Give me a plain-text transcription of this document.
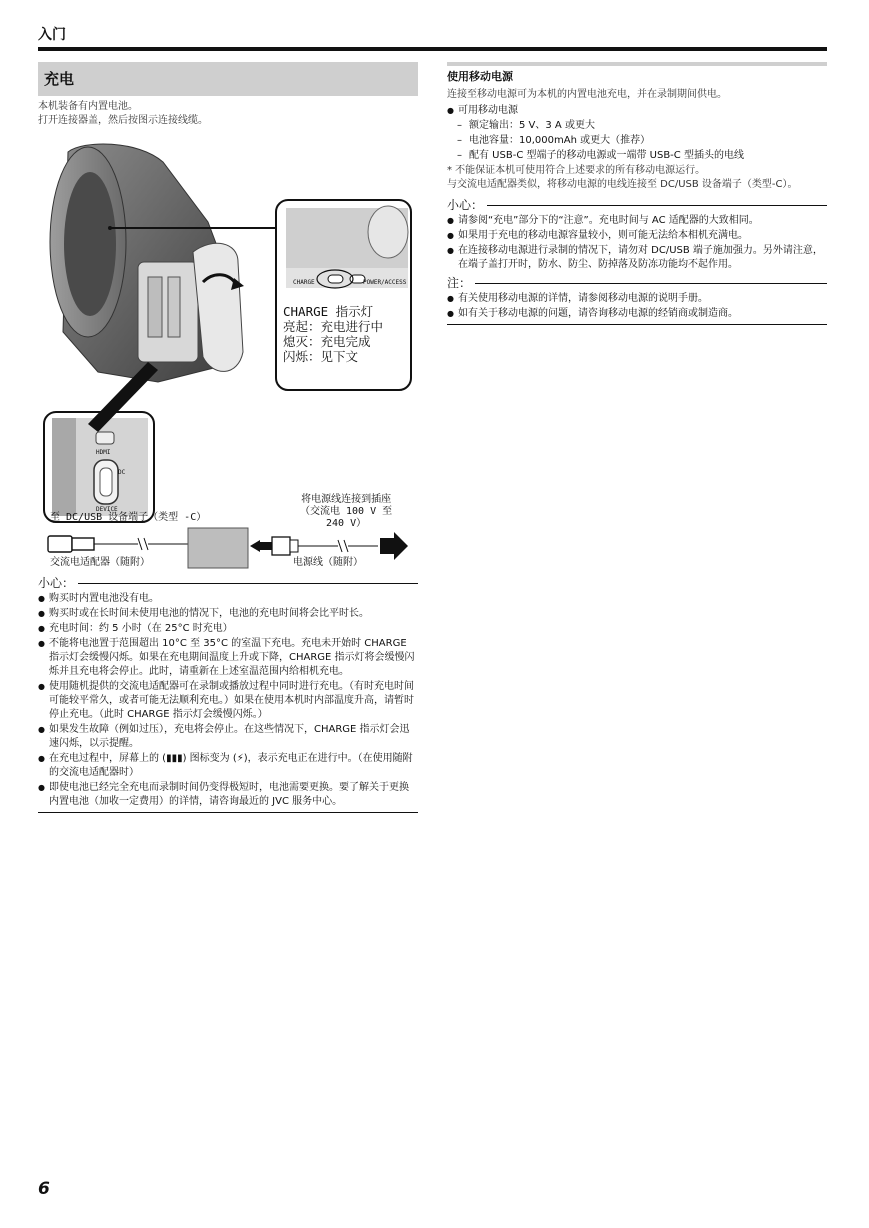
入门
充电

本机装备有内置电池。

打开连接器盖，然后按图示连接线缆。

CHARGE	POWER/ACCESS
HDMI
DC
DEVICE
CHARGE 指示灯
亮起：充电进行中
熄灭：充电完成
闪烁：见下文
至 DC/USB 设备端子（类型 -C）
将电源线连接到插座
（交流电 100 V 至
240 V）
交流电适配器（随附）	电源线（随附）
小心：
● 购买时内置电池没有电。
● 购买时或在长时间未使用电池的情况下，电池的充电时间将会比平时长。
● 充电时间：约 5 小时（在 25°C 时充电）
● 不能将电池置于范围超出 10°C 至 35°C 的室温下充电。充电未开始时 CHARGE 指示灯会缓慢闪烁。如果在充电期间温度上升或下降，CHARGE 指示灯将会缓慢闪烁并且充电将会停止。此时，请重新在上述室温范围内给相机充电。
● 使用随机提供的交流电适配器可在录制或播放过程中同时进行充电。（有时充电时间可能较平常久，或者可能无法顺利充电。）如果在使用本机时内部温度升高，请暂时停止充电。（此时 CHARGE 指示灯会缓慢闪烁。）
● 如果发生故障（例如过压），充电将会停止。在这些情况下，CHARGE 指示灯会迅速闪烁，以示提醒。
● 在充电过程中，屏幕上的 (▮▮▮) 图标变为 (⚡)，表示充电正在进行中。（在使用随附的交流电适配器时）
● 即使电池已经完全充电而录制时间仍变得极短时，电池需要更换。要了解关于更换内置电池（加收一定费用）的详情，请咨询最近的 JVC 服务中心。
使用移动电源

连接至移动电源可为本机的内置电池充电，并在录制期间供电。

● 可用移动电源
– 额定输出：5 V、3 A 或更大
– 电池容量：10,000mAh 或更大（推荐）
– 配有 USB-C 型端子的移动电源或一端带 USB-C 型插头的电线

* 不能保证本机可使用符合上述要求的所有移动电源运行。

与交流电适配器类似，将移动电源的电线连接至 DC/USB 设备端子（类型-C）。

小心：
● 请参阅“充电”部分下的“注意”。充电时间与 AC 适配器的大致相同。
● 如果用于充电的移动电源容量较小，则可能无法给本相机充满电。
● 在连接移动电源进行录制的情况下，请勿对 DC/USB 端子施加强力。另外请注意，在端子盖打开时，防水、防尘、防掉落及防冻功能均不起作用。
注：
● 有关使用移动电源的详情，请参阅移动电源的说明手册。
● 如有关于移动电源的问题，请咨询移动电源的经销商或制造商。
6
